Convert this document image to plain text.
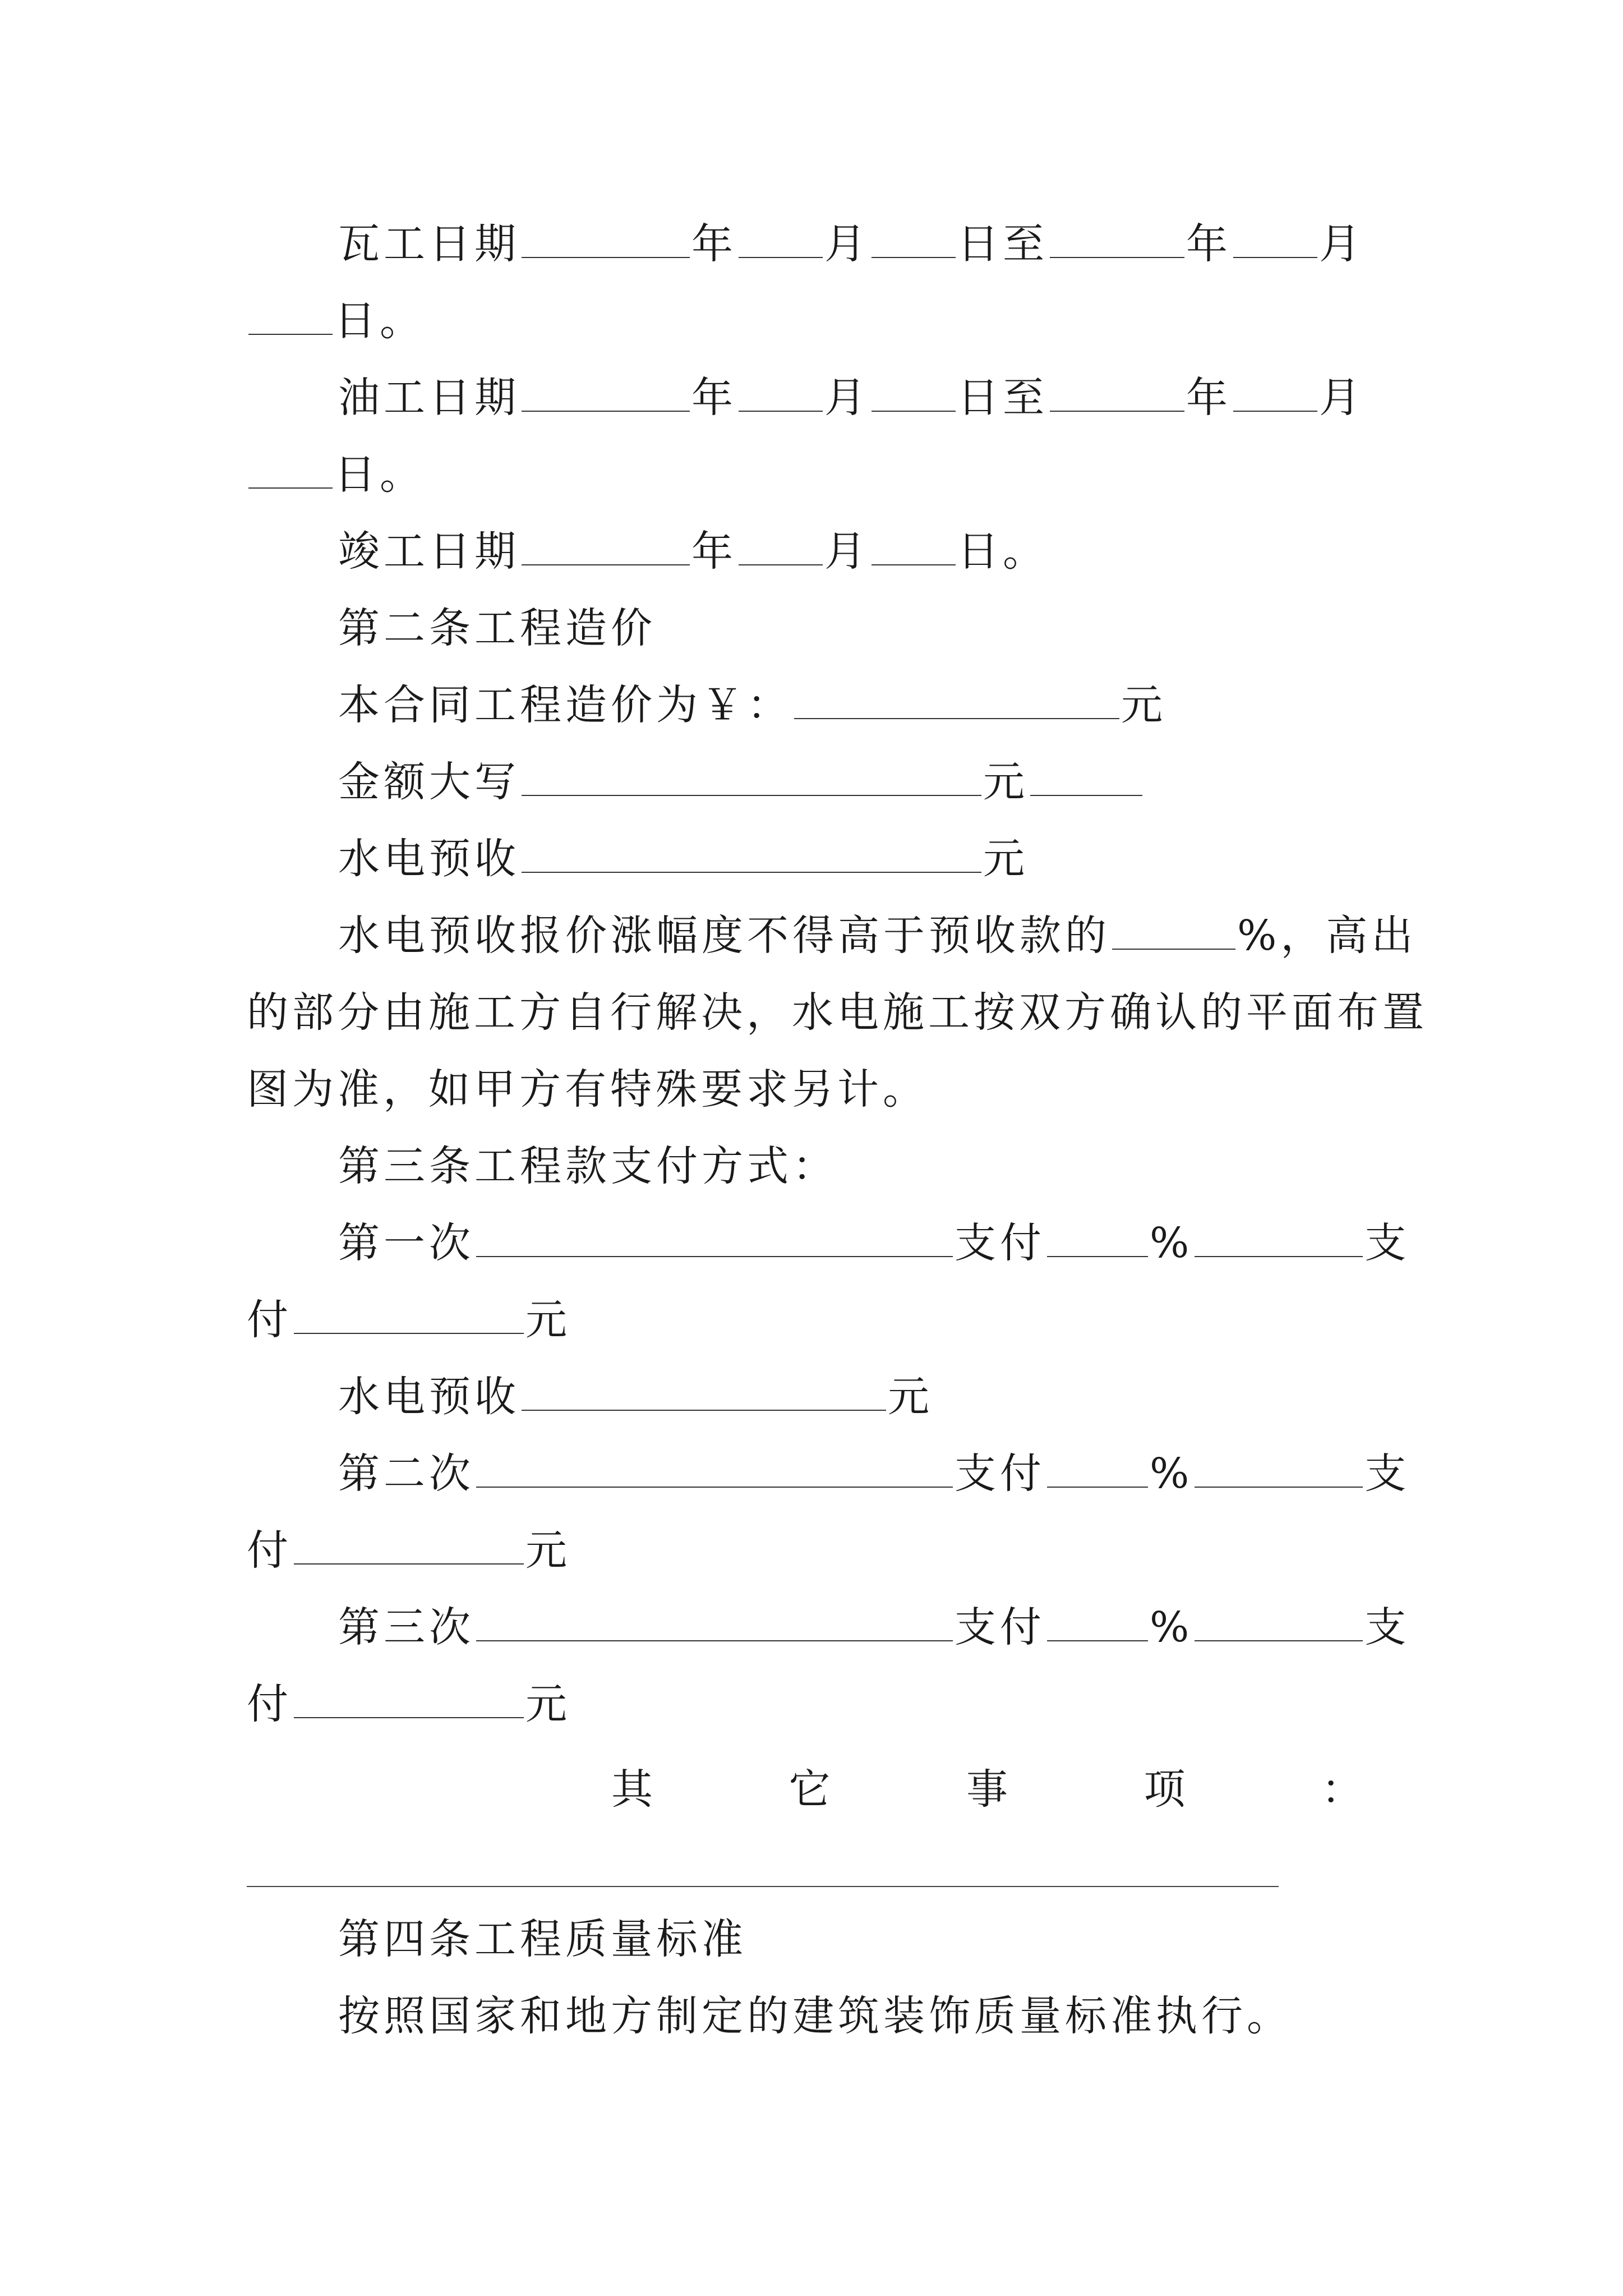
瓦工日期	年 月 日至	年 月
日。
油工日期	年 月 日至	年 月
日。
竣工日期	年 月 日。
第二条工程造价
本合同工程造价为￥：	元
金额大写	元
水电预收	元
水电预收报价涨幅度不得高于预收款的	%，高出
的部分由施工方自行解决，水电施工按双方确认的平面布置
图为准，如甲方有特殊要求另计。
第三条工程款支付方式：
第一次	支付	%	支
付	元
水电预收	元
第二次	支付	%	支
付	元
第三次	支付	%	支
付	元
其	它	事	项	：
第四条工程质量标准
按照国家和地方制定的建筑装饰质量标准执行。
